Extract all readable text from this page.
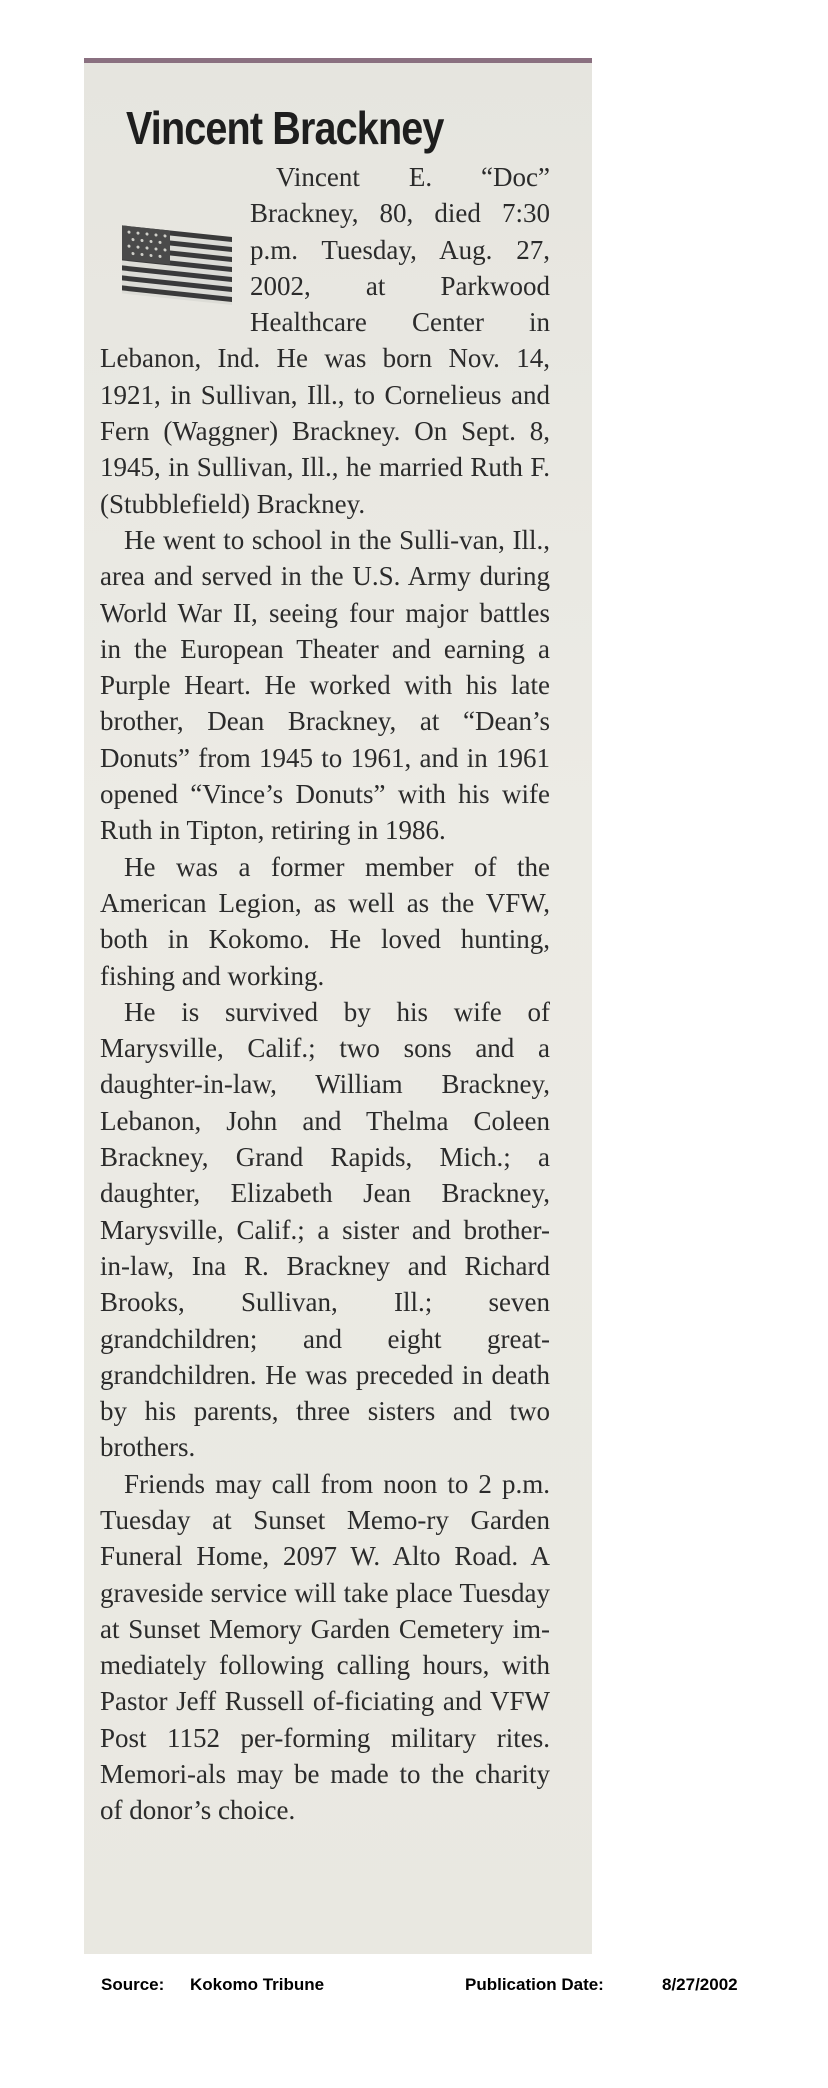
Vincent Brackney

Vincent E. “Doc” Brackney, 80, died 7:30 p.m. Tuesday, Aug. 27, 2002, at Parkwood Healthcare Center in Lebanon, Ind. He was born Nov. 14, 1921, in Sullivan, Ill., to Cornelieus and Fern (Waggner) Brackney. On Sept. 8, 1945, in Sullivan, Ill., he married Ruth F. (Stubblefield) Brackney.

He went to school in the Sulli-van, Ill., area and served in the U.S. Army during World War II, seeing four major battles in the European Theater and earning a Purple Heart. He worked with his late brother, Dean Brackney, at “Dean’s Donuts” from 1945 to 1961, and in 1961 opened “Vince’s Donuts” with his wife Ruth in Tipton, retiring in 1986.

He was a former member of the American Legion, as well as the VFW, both in Kokomo. He loved hunting, fishing and working.

He is survived by his wife of Marysville, Calif.; two sons and a daughter-in-law, William Brackney, Lebanon, John and Thelma Coleen Brackney, Grand Rapids, Mich.; a daughter, Elizabeth Jean Brackney, Marysville, Calif.; a sister and brother-in-law, Ina R. Brackney and Richard Brooks, Sullivan, Ill.; seven grandchildren; and eight great-grandchildren. He was preceded in death by his parents, three sisters and two brothers.

Friends may call from noon to 2 p.m. Tuesday at Sunset Memo-ry Garden Funeral Home, 2097 W. Alto Road. A graveside service will take place Tuesday at Sunset Memory Garden Cemetery im-mediately following calling hours, with Pastor Jeff Russell of-ficiating and VFW Post 1152 per-forming military rites. Memori-als may be made to the charity of donor’s choice.

Source: Kokomo Tribune	Publication Date:	8/27/2002
